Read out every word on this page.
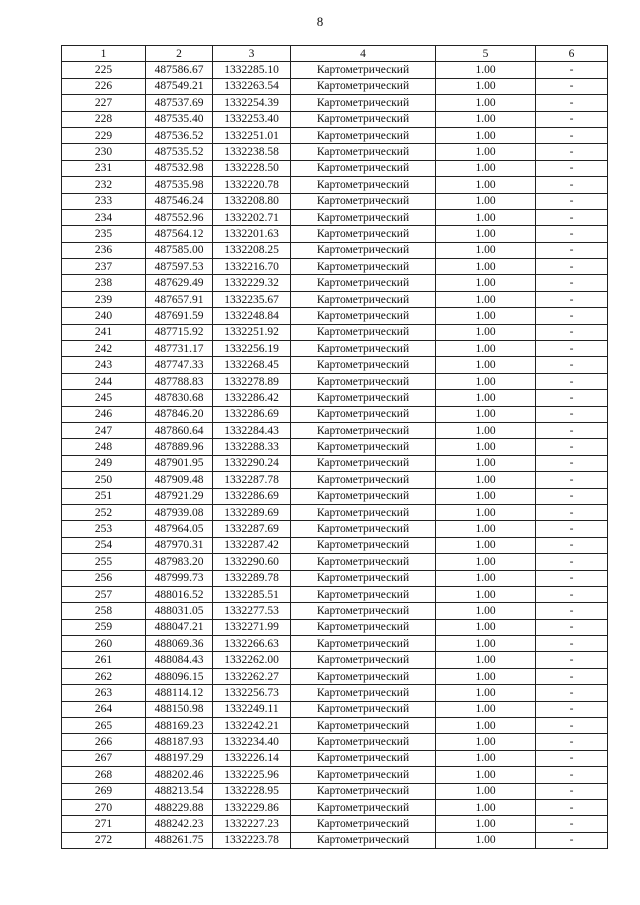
8
1	2	3	4	5	6
225	487586.67	1332285.10	Картометрический	1.00	-
226	487549.21	1332263.54	Картометрический	1.00	-
227	487537.69	1332254.39	Картометрический	1.00	-
228	487535.40	1332253.40	Картометрический	1.00	-
229	487536.52	1332251.01	Картометрический	1.00	-
230	487535.52	1332238.58	Картометрический	1.00	-
231	487532.98	1332228.50	Картометрический	1.00	-
232	487535.98	1332220.78	Картометрический	1.00	-
233	487546.24	1332208.80	Картометрический	1.00	-
234	487552.96	1332202.71	Картометрический	1.00	-
235	487564.12	1332201.63	Картометрический	1.00	-
236	487585.00	1332208.25	Картометрический	1.00	-
237	487597.53	1332216.70	Картометрический	1.00	-
238	487629.49	1332229.32	Картометрический	1.00	-
239	487657.91	1332235.67	Картометрический	1.00	-
240	487691.59	1332248.84	Картометрический	1.00	-
241	487715.92	1332251.92	Картометрический	1.00	-
242	487731.17	1332256.19	Картометрический	1.00	-
243	487747.33	1332268.45	Картометрический	1.00	-
244	487788.83	1332278.89	Картометрический	1.00	-
245	487830.68	1332286.42	Картометрический	1.00	-
246	487846.20	1332286.69	Картометрический	1.00	-
247	487860.64	1332284.43	Картометрический	1.00	-
248	487889.96	1332288.33	Картометрический	1.00	-
249	487901.95	1332290.24	Картометрический	1.00	-
250	487909.48	1332287.78	Картометрический	1.00	-
251	487921.29	1332286.69	Картометрический	1.00	-
252	487939.08	1332289.69	Картометрический	1.00	-
253	487964.05	1332287.69	Картометрический	1.00	-
254	487970.31	1332287.42	Картометрический	1.00	-
255	487983.20	1332290.60	Картометрический	1.00	-
256	487999.73	1332289.78	Картометрический	1.00	-
257	488016.52	1332285.51	Картометрический	1.00	-
258	488031.05	1332277.53	Картометрический	1.00	-
259	488047.21	1332271.99	Картометрический	1.00	-
260	488069.36	1332266.63	Картометрический	1.00	-
261	488084.43	1332262.00	Картометрический	1.00	-
262	488096.15	1332262.27	Картометрический	1.00	-
263	488114.12	1332256.73	Картометрический	1.00	-
264	488150.98	1332249.11	Картометрический	1.00	-
265	488169.23	1332242.21	Картометрический	1.00	-
266	488187.93	1332234.40	Картометрический	1.00	-
267	488197.29	1332226.14	Картометрический	1.00	-
268	488202.46	1332225.96	Картометрический	1.00	-
269	488213.54	1332228.95	Картометрический	1.00	-
270	488229.88	1332229.86	Картометрический	1.00	-
271	488242.23	1332227.23	Картометрический	1.00	-
272	488261.75	1332223.78	Картометрический	1.00	-
